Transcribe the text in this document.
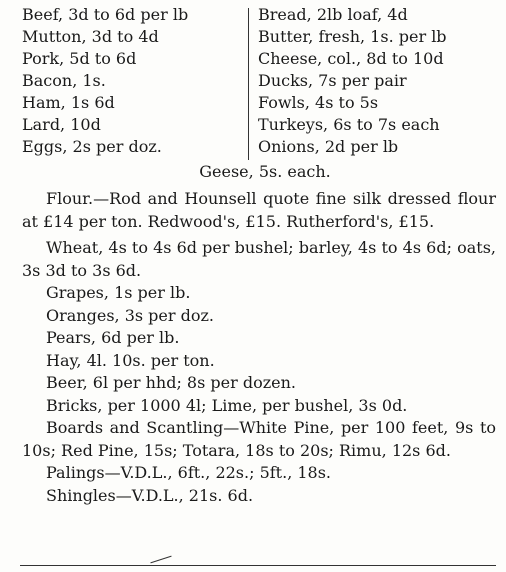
Beef, 3d to 6d per lb
Mutton, 3d to 4d
Pork, 5d to 6d
Bacon, 1s.
Ham, 1s 6d
Lard, 10d
Eggs, 2s per doz.
Bread, 2lb loaf, 4d
Butter, fresh, 1s. per lb
Cheese, col., 8d to 10d
Ducks, 7s per pair
Fowls, 4s to 5s
Turkeys, 6s to 7s each
Onions, 2d per lb
Geese, 5s. each.

Flour.—Rod and Hounsell quote fine silk dressed flour at £14 per ton. Redwood's, £15. Rutherford's, £15.

Wheat, 4s to 4s 6d per bushel; barley, 4s to 4s 6d; oats, 3s 3d to 3s 6d.

Grapes, 1s per lb.
Oranges, 3s per doz.
Pears, 6d per lb.
Hay, 4l. 10s. per ton.
Beer, 6l per hhd; 8s per dozen.
Bricks, per 1000 4l; Lime, per bushel, 3s 0d.

Boards and Scantling—White Pine, per 100 feet, 9s to 10s; Red Pine, 15s; Totara, 18s to 20s; Rimu, 12s 6d.

Palings—V.D.L., 6ft., 22s.; 5ft., 18s.
Shingles—V.D.L., 21s. 6d.
